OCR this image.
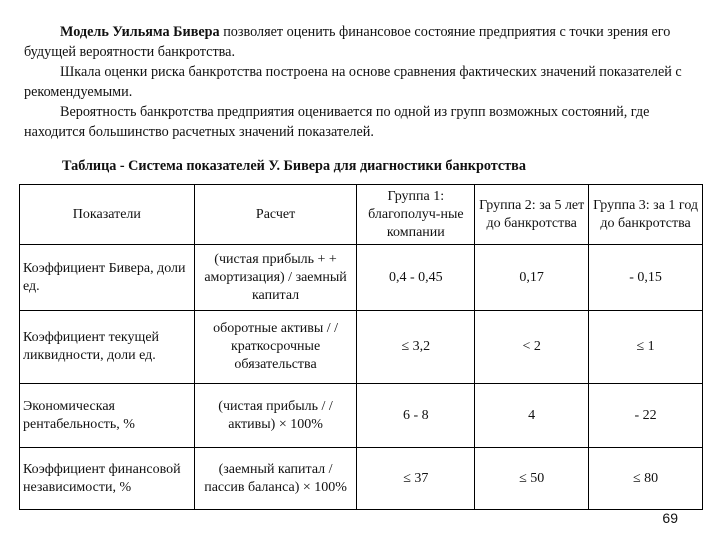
Модель Уильяма Бивера позволяет оценить финансовое состояние предприятия с точки зрения его будущей вероятности банкротства.

Шкала оценки риска банкротства построена на основе сравнения фактических значений показателей с рекомендуемыми.

Вероятность банкротства предприятия оценивается по одной из групп возможных состояний, где находится большинство расчетных значений показателей.

Таблица - Система показателей У. Бивера для диагностики банкротства
Показатели	Расчет	Группа 1: благополуч-ные компании	Группа 2: за 5 лет до банкротства	Группа 3: за 1 год до банкротства
Коэффициент Бивера, доли ед.	(чистая прибыль + + амортизация) / заемный капитал	0,4 - 0,45	0,17	- 0,15
Коэффициент текущей ликвидности, доли ед.	оборотные активы / / краткосрочные обязательства	≤ 3,2	< 2	≤ 1
Экономическая рентабельность, %	(чистая прибыль / / активы) × 100%	6 - 8	4	- 22
Коэффициент финансовой независимости, %	(заемный капитал / пассив баланса) × 100%	≤ 37	≤ 50	≤ 80
69
